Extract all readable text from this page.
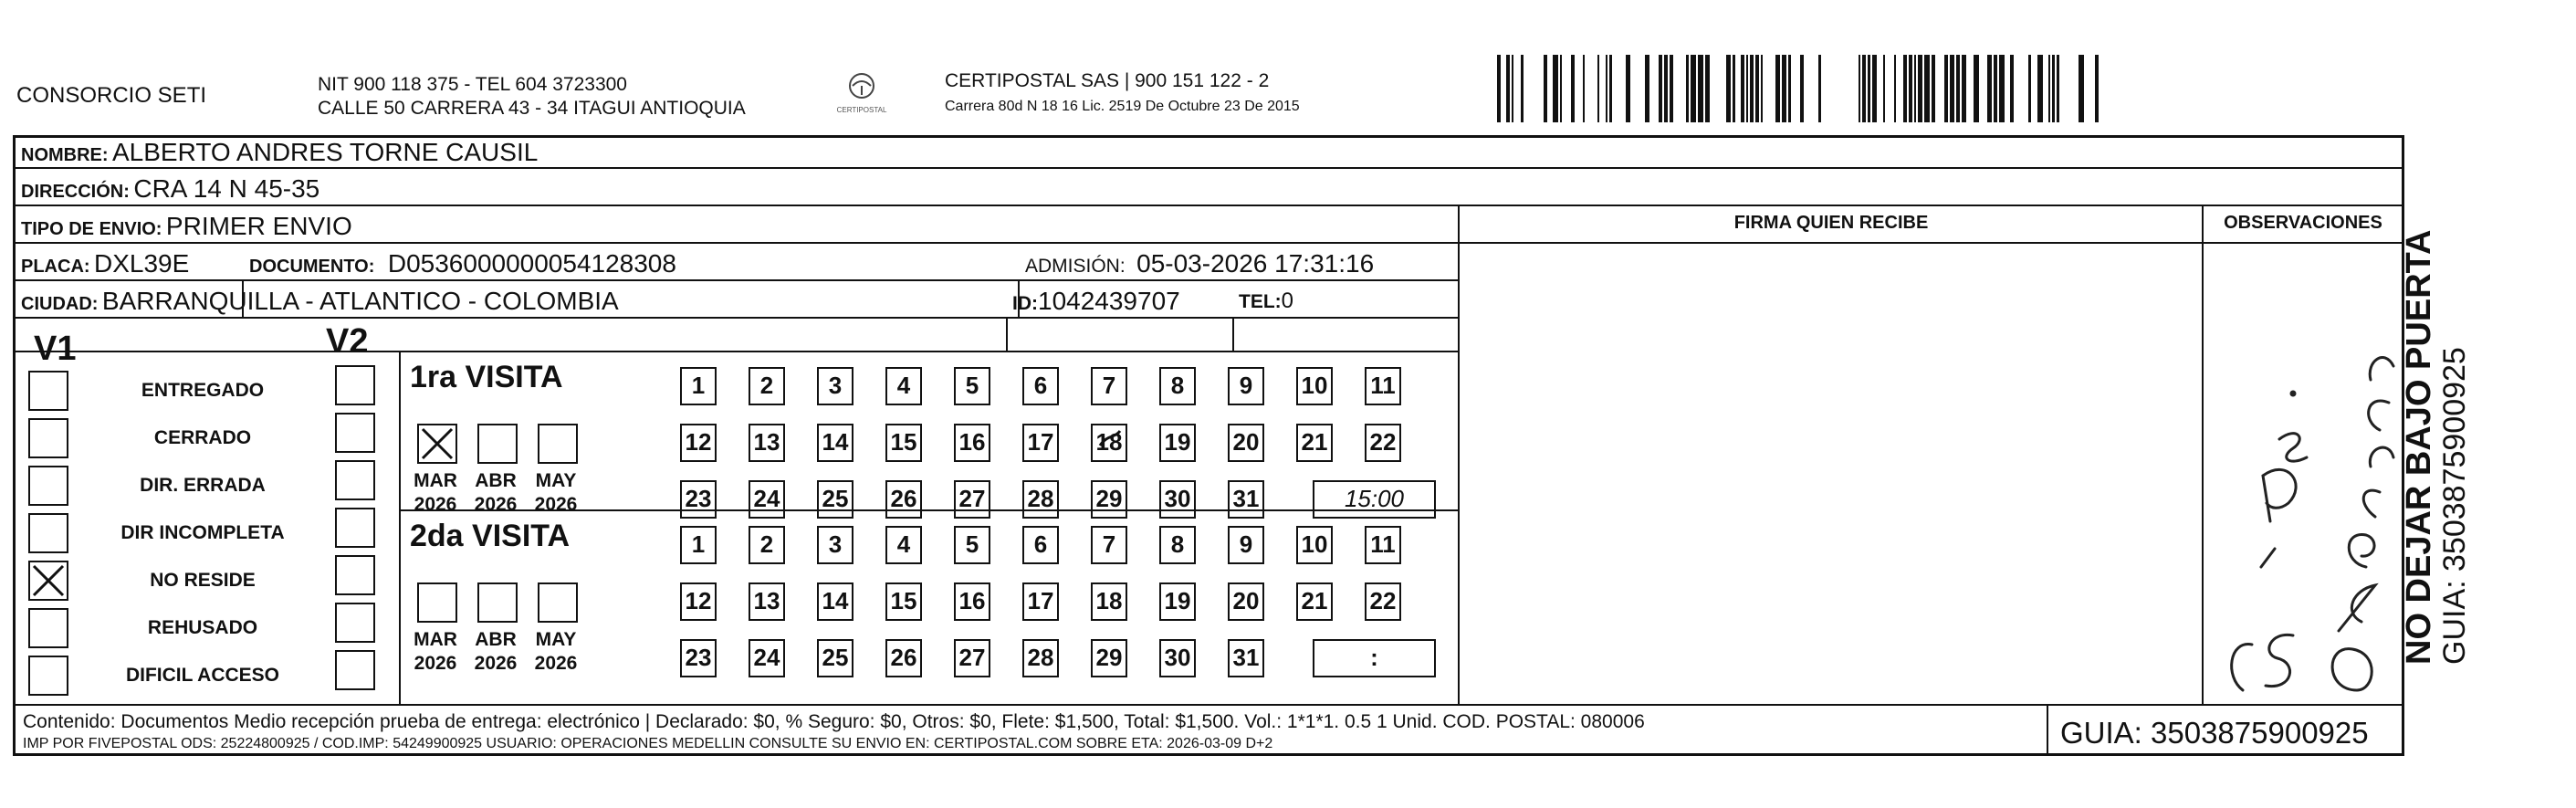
CONSORCIO SETI	NIT 900 118 375 - TEL 604 3723300
CALLE 50 CARRERA 43 - 34 ITAGUI ANTIOQUIA	CERTIPOSTAL
CERTIPOSTAL SAS | 900 151 122 - 2
Carrera 80d N 18 16 Lic. 2519 De Octubre 23 De 2015
NO DEJAR BAJO PUERTA GUIA: 3503875900925
NOMBRE: ALBERTO ANDRES TORNE CAUSIL
DIRECCIÓN: CRA 14 N 45-35
TIPO DE ENVIO: PRIMER ENVIO	FIRMA QUIEN RECIBE	OBSERVACIONES
PLACA: DXL39E	DOCUMENTO: D0536000000054128308	ADMISIÓN: 05-03-2026 17:31:16
CIUDAD: BARRANQUILLA - ATLANTICO - COLOMBIA	ID:1042439707	TEL:0
V1	V2
ENTREGADO
CERRADO
DIR. ERRADA
DIR INCOMPLETA
NO RESIDE
REHUSADO
DIFICIL ACCESO
1ra VISITA
MAR
2026
ABR
2026
MAY
2026
1	2	3	4	5	6	7	8	9	10 11
12 13 14 15 16 17 18 19 20 21 22
23 24 25 26 27 28 29 30 31	15:00
2da VISITA
MAR
2026
ABR
2026
MAY
2026
1	2	3	4	5	6	7	8	9	10 11
12 13 14 15 16 17 18 19 20 21 22
23 24 25 26 27 28 29 30 31	:
Contenido: Documentos Medio recepción prueba de entrega: electrónico | Declarado: $0, % Seguro: $0, Otros: $0, Flete: $1,500, Total: $1,500. Vol.: 1*1*1. 0.5 1 Unid. COD. POSTAL: 080006
IMP POR FIVEPOSTAL ODS: 25224800925 / COD.IMP: 54249900925 USUARIO: OPERACIONES MEDELLIN CONSULTE SU ENVIO EN: CERTIPOSTAL.COM SOBRE ETA: 2026-03-09 D+2	GUIA: 3503875900925
